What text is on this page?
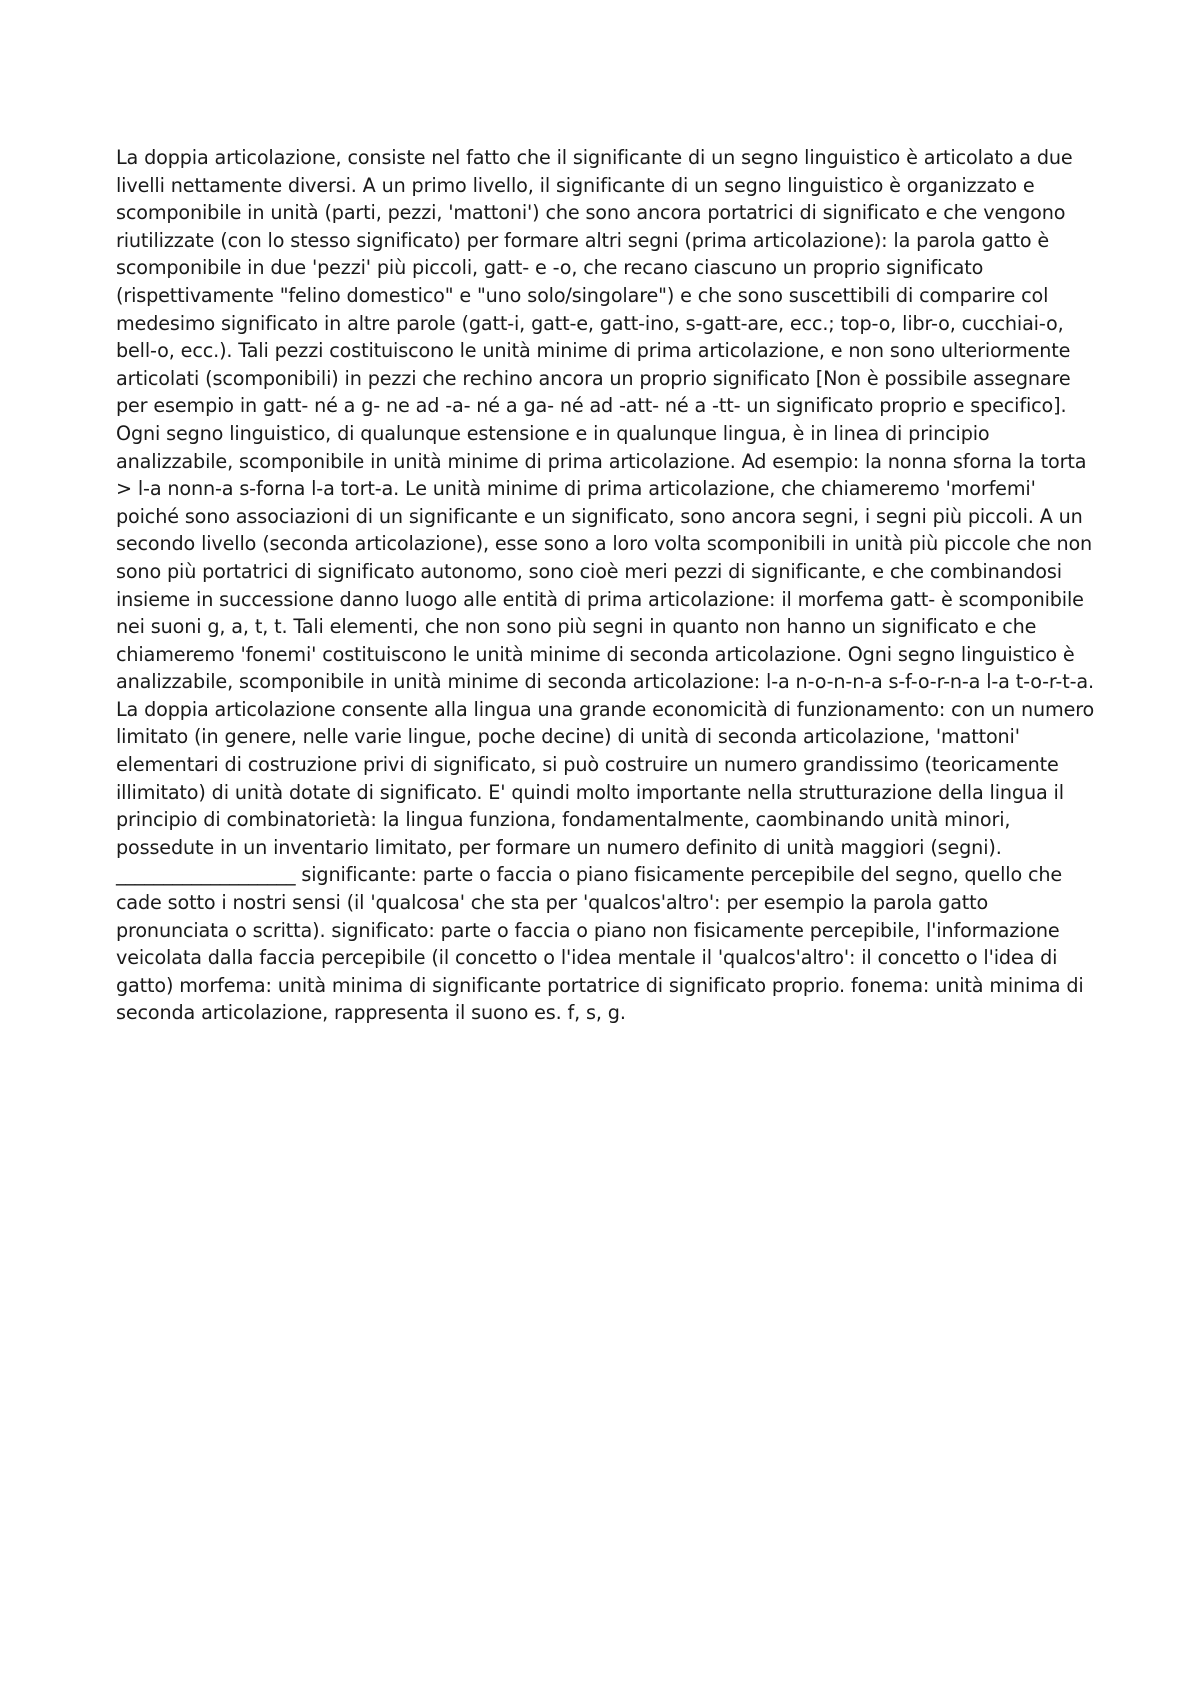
La doppia articolazione, consiste nel fatto che il significante di un segno linguistico è articolato a due livelli nettamente diversi. A un primo livello, il significante di un segno linguistico è organizzato e scomponibile in unità (parti, pezzi, 'mattoni') che sono ancora portatrici di significato e che vengono riutilizzate (con lo stesso significato) per formare altri segni (prima articolazione): la parola gatto è scomponibile in due 'pezzi' più piccoli, gatt- e -o, che recano ciascuno un proprio significato (rispettivamente "felino domestico" e "uno solo/singolare") e che sono suscettibili di comparire col medesimo significato in altre parole (gatt-i, gatt-e, gatt-ino, s-gatt-are, ecc.; top-o, libr-o, cucchiai-o, bell-o, ecc.). Tali pezzi costituiscono le unità minime di prima articolazione, e non sono ulteriormente articolati (scomponibili) in pezzi che rechino ancora un proprio significato [Non è possibile assegnare per esempio in gatt- né a g- ne ad -a- né a ga- né ad -att- né a -tt- un significato proprio e specifico]. Ogni segno linguistico, di qualunque estensione e in qualunque lingua, è in linea di principio analizzabile, scomponibile in unità minime di prima articolazione. Ad esempio: la nonna sforna la torta > l-a nonn-a s-forna l-a tort-a. Le unità minime di prima articolazione, che chiameremo 'morfemi' poiché sono associazioni di un significante e un significato, sono ancora segni, i segni più piccoli. A un secondo livello (seconda articolazione), esse sono a loro volta scomponibili in unità più piccole che non sono più portatrici di significato autonomo, sono cioè meri pezzi di significante, e che combinandosi insieme in successione danno luogo alle entità di prima articolazione: il morfema gatt- è scomponibile nei suoni g, a, t, t. Tali elementi, che non sono più segni in quanto non hanno un significato e che chiameremo 'fonemi' costituiscono le unità minime di seconda articolazione. Ogni segno linguistico è analizzabile, scomponibile in unità minime di seconda articolazione: l-a n-o-n-n-a s-f-o-r-n-a l-a t-o-r-t-a. La doppia articolazione consente alla lingua una grande economicità di funzionamento: con un numero limitato (in genere, nelle varie lingue, poche decine) di unità di seconda articolazione, 'mattoni' elementari di costruzione privi di significato, si può costruire un numero grandissimo (teoricamente illimitato) di unità dotate di significato. E' quindi molto importante nella strutturazione della lingua il principio di combinatorietà: la lingua funziona, fondamentalmente, caombinando unità minori, possedute in un inventario limitato, per formare un numero definito di unità maggiori (segni). ___________________ significante: parte o faccia o piano fisicamente percepibile del segno, quello che cade sotto i nostri sensi (il 'qualcosa' che sta per 'qualcos'altro': per esempio la parola gatto pronunciata o scritta). significato: parte o faccia o piano non fisicamente percepibile, l'informazione veicolata dalla faccia percepibile (il concetto o l'idea mentale il 'qualcos'altro': il concetto o l'idea di gatto) morfema: unità minima di significante portatrice di significato proprio. fonema: unità minima di seconda articolazione, rappresenta il suono es. f, s, g.
